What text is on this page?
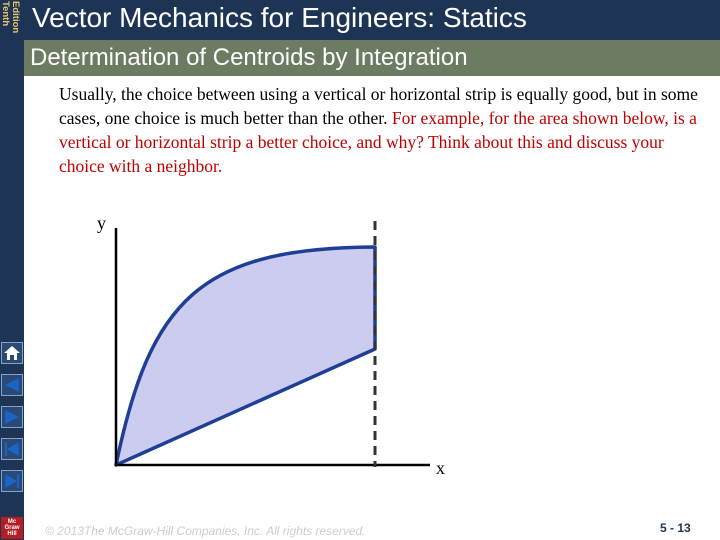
Tenth Edition
Mc
Graw
Hill
Vector Mechanics for Engineers: Statics
Determination of Centroids by Integration
Usually, the choice between using a vertical or horizontal strip is equally good, but in some cases, one choice is much better than the other. For example, for the area shown below, is a vertical or horizontal strip a better choice, and why? Think about this and discuss your choice with a neighbor.
y
x
© 2013The McGraw-Hill Companies, Inc. All rights reserved.	5 - 13
